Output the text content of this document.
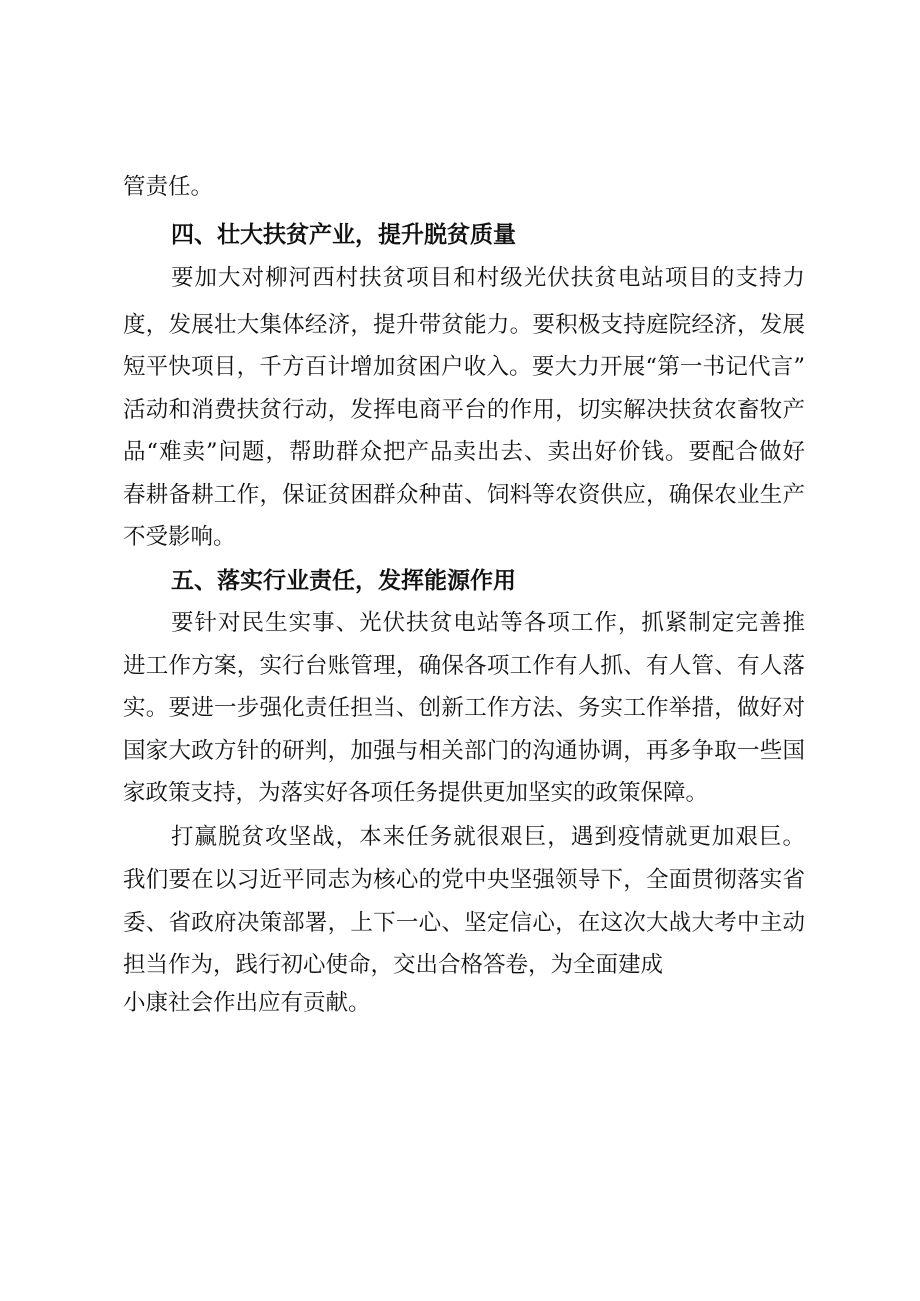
管责任。
四、壮大扶贫产业，提升脱贫质量
要加大对柳河西村扶贫项目和村级光伏扶贫电站项目的支持力
度，发展壮大集体经济，提升带贫能力。要积极支持庭院经济，发展
短平快项目，千方百计增加贫困户收入。要大力开展“第一书记代言”
活动和消费扶贫行动，发挥电商平台的作用，切实解决扶贫农畜牧产
品“难卖”问题，帮助群众把产品卖出去、卖出好价钱。要配合做好
春耕备耕工作，保证贫困群众种苗、饲料等农资供应，确保农业生产
不受影响。
五、落实行业责任，发挥能源作用
要针对民生实事、光伏扶贫电站等各项工作，抓紧制定完善推
进工作方案，实行台账管理，确保各项工作有人抓、有人管、有人落
实。要进一步强化责任担当、创新工作方法、务实工作举措，做好对
国家大政方针的研判，加强与相关部门的沟通协调，再多争取一些国
家政策支持，为落实好各项任务提供更加坚实的政策保障。
打赢脱贫攻坚战，本来任务就很艰巨，遇到疫情就更加艰巨。
我们要在以习近平同志为核心的党中央坚强领导下，全面贯彻落实省
委、省政府决策部署，上下一心、坚定信心，在这次大战大考中主动
担当作为，践行初心使命，交出合格答卷，为全面建成
小康社会作出应有贡献。
